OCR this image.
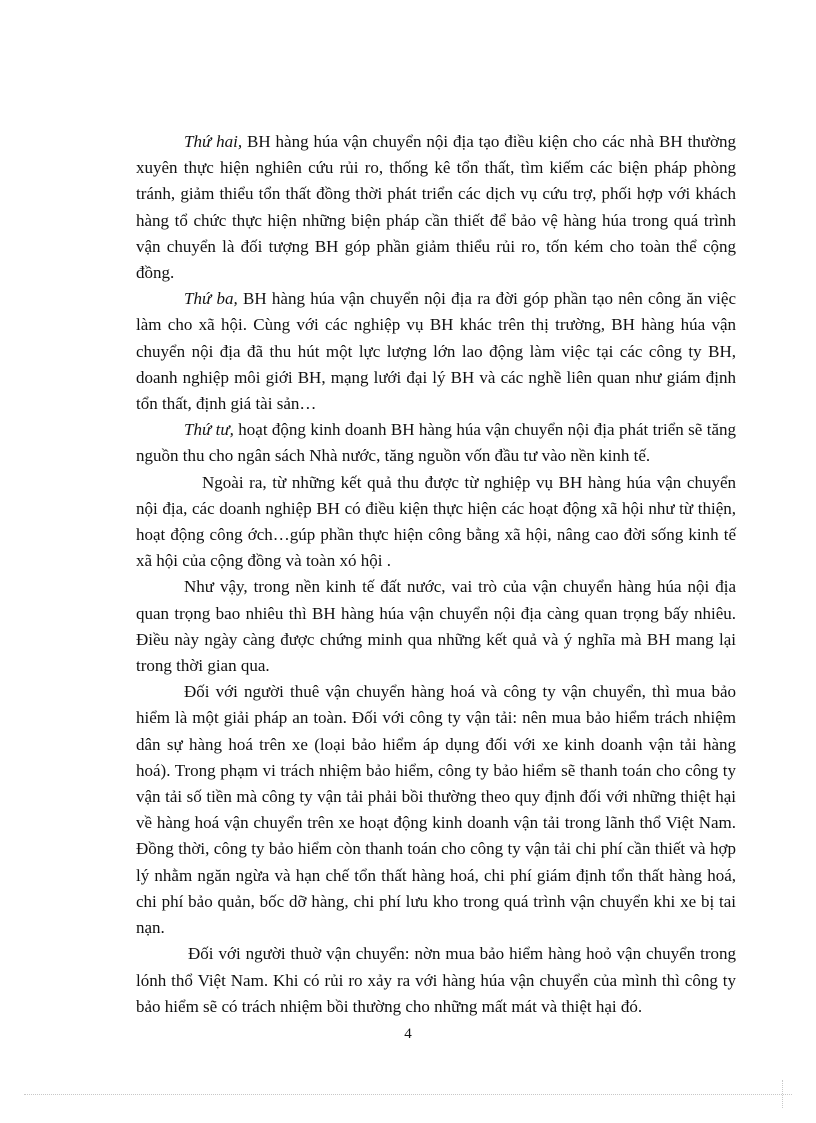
Thứ hai, BH hàng húa vận chuyển nội địa tạo điều kiện cho các nhà BH thường xuyên thực hiện nghiên cứu rủi ro, thống kê tổn thất, tìm kiếm các biện pháp phòng tránh, giảm thiểu tổn thất đồng thời phát triển các dịch vụ cứu trợ, phối hợp với khách hàng tổ chức thực hiện những biện pháp cần thiết để bảo vệ hàng húa trong quá trình vận chuyển là đối tượng BH góp phần giảm thiểu rủi ro, tốn kém cho toàn thể cộng đồng.

Thứ ba, BH hàng húa vận chuyển nội địa ra đời góp phần tạo nên công ăn việc làm cho xã hội. Cùng với các nghiệp vụ BH khác trên thị trường, BH hàng húa vận chuyển nội địa đã thu hút một lực lượng lớn lao động làm việc tại các công ty BH, doanh nghiệp môi giới BH, mạng lưới đại lý BH và các nghề liên quan như giám định tổn thất, định giá tài sản…

Thứ tư, hoạt động kinh doanh BH hàng húa vận chuyển nội địa phát triển sẽ tăng nguồn thu cho ngân sách Nhà nước, tăng nguồn vốn đầu tư vào nền kinh tế.

Ngoài ra, từ những kết quả thu được từ nghiệp vụ BH hàng húa vận chuyển nội địa, các doanh nghiệp BH có điều kiện thực hiện các hoạt động xã hội như từ thiện, hoạt động công ớch…gúp phần thực hiện công bằng xã hội, nâng cao đời sống kinh tế xã hội của cộng đồng và toàn xó hội .

Như vậy, trong nền kinh tế đất nước, vai trò của vận chuyển hàng húa nội địa quan trọng bao nhiêu thì BH hàng húa vận chuyển nội địa càng quan trọng bấy nhiêu. Điều này ngày càng được chứng minh qua những kết quả và ý nghĩa mà BH mang lại trong thời gian qua.

Đối với người thuê vận chuyển hàng hoá và công ty vận chuyển, thì mua bảo hiểm là một giải pháp an toàn. Đối với công ty vận tải: nên mua bảo hiểm trách nhiệm dân sự hàng hoá trên xe (loại bảo hiểm áp dụng đối với xe kinh doanh vận tải hàng hoá). Trong phạm vi trách nhiệm bảo hiểm, công ty bảo hiểm sẽ thanh toán cho công ty vận tải số tiền mà công ty vận tải phải bồi thường theo quy định đối với những thiệt hại về hàng hoá vận chuyển trên xe hoạt động kinh doanh vận tải trong lãnh thổ Việt Nam. Đồng thời, công ty bảo hiểm còn thanh toán cho công ty vận tải chi phí cần thiết và hợp lý nhằm ngăn ngừa và hạn chế tổn thất hàng hoá, chi phí giám định tổn thất hàng hoá, chi phí bảo quản, bốc dỡ hàng, chi phí lưu kho trong quá trình vận chuyển khi xe bị tai nạn.

Đối với người thuờ vận chuyển: nờn mua bảo hiểm hàng hoỏ vận chuyển trong lónh thổ Việt Nam. Khi có rủi ro xảy ra với hàng húa vận chuyển của mình thì công ty bảo hiểm sẽ có trách nhiệm bồi thường cho những mất mát và thiệt hại đó.

4
